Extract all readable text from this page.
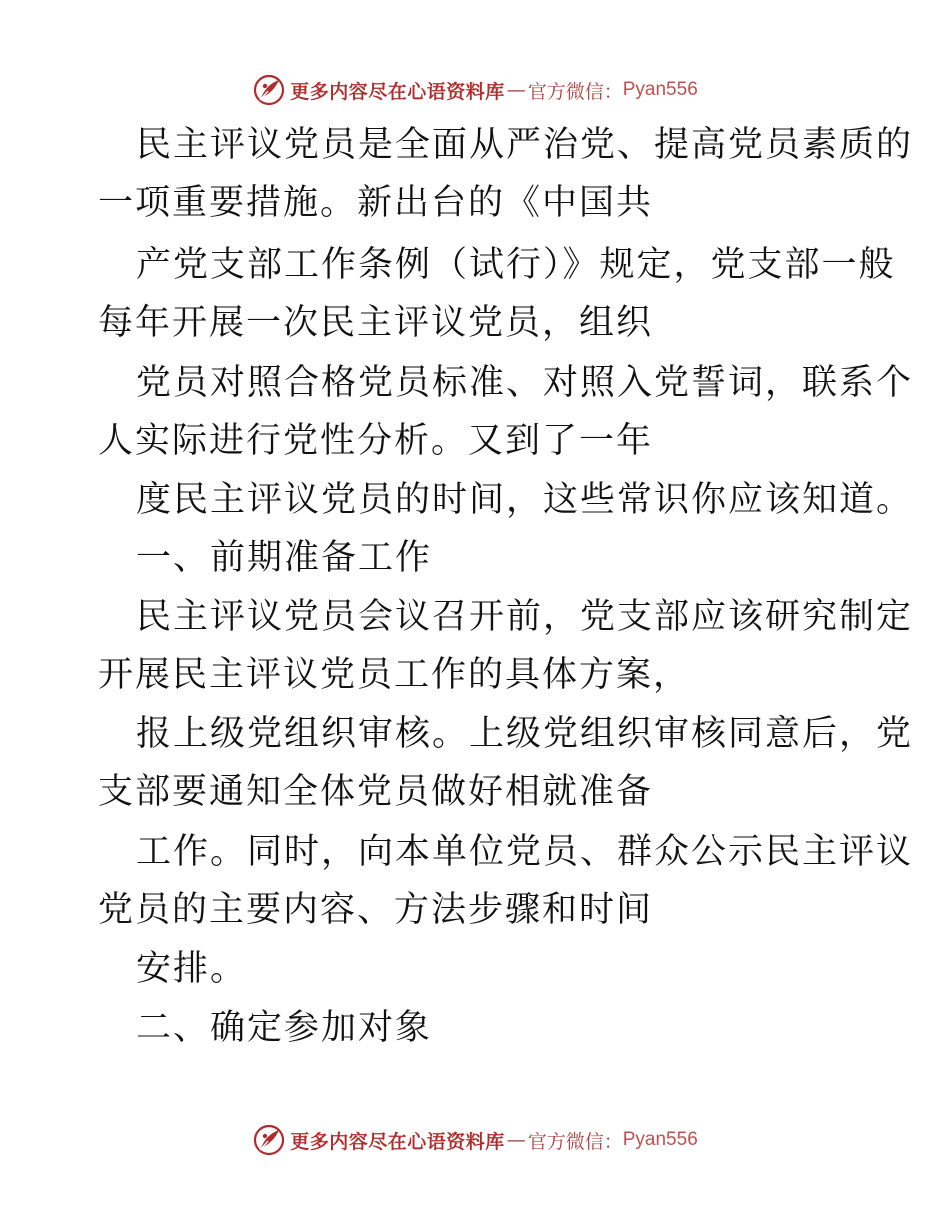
更多内容尽在心语资料库 — 官方微信： Pyan556
民主评议党员是全面从严治党、提高党员素质的
一项重要措施。新出台的《中国共
产党支部工作条例（试行）》规定，党支部一般
每年开展一次民主评议党员，组织
党员对照合格党员标准、对照入党誓词，联系个
人实际进行党性分析。又到了一年
度民主评议党员的时间，这些常识你应该知道。
一、前期准备工作
民主评议党员会议召开前，党支部应该研究制定
开展民主评议党员工作的具体方案，
报上级党组织审核。上级党组织审核同意后，党
支部要通知全体党员做好相就准备
工作。同时，向本单位党员、群众公示民主评议
党员的主要内容、方法步骤和时间
安排。
二、确定参加对象
更多内容尽在心语资料库 — 官方微信： Pyan556
